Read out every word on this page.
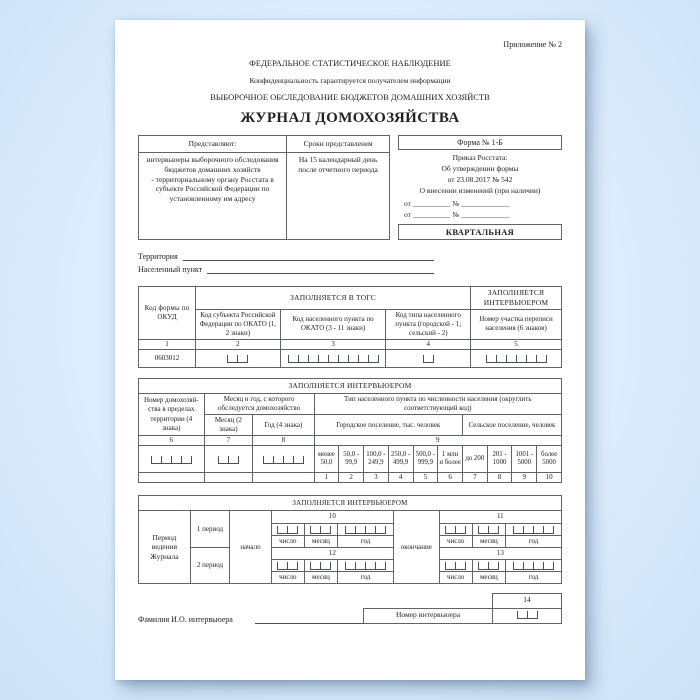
Приложение № 2
ФЕДЕРАЛЬНОЕ СТАТИСТИЧЕСКОЕ НАБЛЮДЕНИЕ
Конфиденциальность гарантируется получателем информации
ВЫБОРОЧНОЕ ОБСЛЕДОВАНИЕ БЮДЖЕТОВ ДОМАШНИХ ХОЗЯЙСТВ
ЖУРНАЛ ДОМОХОЗЯЙСТВА
Представляют:	Сроки представления

интервьюеры выборочного обследования бюджетов домашних хозяйств
- территориальному органу Росстата в субъекте Российской Федерации по установленному им адресу	На 15 календарный день после отчетного периода
Форма № 1-Б
Приказ Росстата:
Об утверждении формы
от 23.08.2017 № 542
О внесении изменений (при наличии)
от __________ № _____________
от __________ № _____________
КВАРТАЛЬНАЯ
Территория
Населенный пункт
Код формы по ОКУД	ЗАПОЛНЯЕТСЯ В ТОГС			ЗАПОЛНЯЕТСЯ ИНТЕРВЬЮЕРОМ
	Код субъекта Российской Федерации по ОКАТО (1, 2 знаки)	Код населенного пункта по ОКАТО (3 - 11 знаки)	Код типа населенного пункта (городской - 1; сельский - 2)	Номер участка переписи населения (6 знаков)
1	2	3	4	5
0603012	

ЗАПОЛНЯЕТСЯ ИНТЕРВЬЮЕРОМ												
Номер домохозяй-ства в пределах территории (4 знака)	Месяц и год, с которого обследуется домохозяйство		Тип населенного пункта по численности населения (округлить соответствующий код)									
	Месяц (2 знака)	Год (4 знака)	Городское поселение, тыс. человек						Сельское поселение, человек			
6	7	8	9									

	менее 50,0	50,0 - 99,9	100,0 - 249,9	250,0 - 499,9	500,0 - 999,9	1 млн и более	до 200	201 - 1000	1001 - 5000	более 5000
			1	2	3	4	5	6	7	8	9	10
ЗАПОЛНЯЕТСЯ ИНТЕРВЬЮЕРОМ									
Период ведения Журнала	1 период	начало	10			окончание	11		

			число	месяц	год		число	месяц	год
	2 период		12				13		

			число	месяц	год		число	месяц	год
Фамилия И.О. интервьюера
Номер интервьюера
14
